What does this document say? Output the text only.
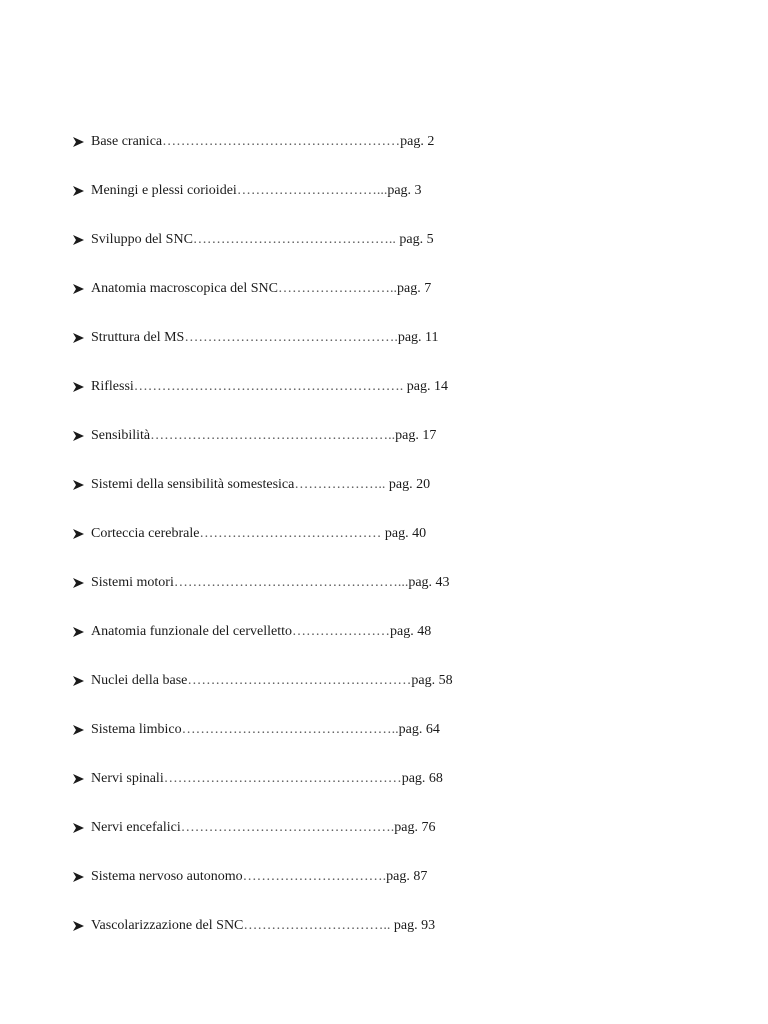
Base cranica……………………………………………pag. 2
Meningi e plessi corioidei…………………………...pag. 3
Sviluppo del SNC…………………………………….. pag. 5
Anatomia macroscopica del SNC……………………..pag. 7
Struttura del MS……………………………………….pag. 11
Riflessi…………………………………………………. pag. 14
Sensibilità……………………………………………..pag. 17
Sistemi della sensibilità somestesica……………….. pag. 20
Corteccia cerebrale………………………………… pag. 40
Sistemi motori…………………………………………...pag. 43
Anatomia funzionale del cervelletto…………………pag. 48
Nuclei della base…………………………………………pag. 58
Sistema limbico………………………………………..pag. 64
Nervi spinali……………………………………………pag. 68
Nervi encefalici……………………………………….pag. 76
Sistema nervoso autonomo………………………….pag. 87
Vascolarizzazione del SNC………………………….. pag. 93
